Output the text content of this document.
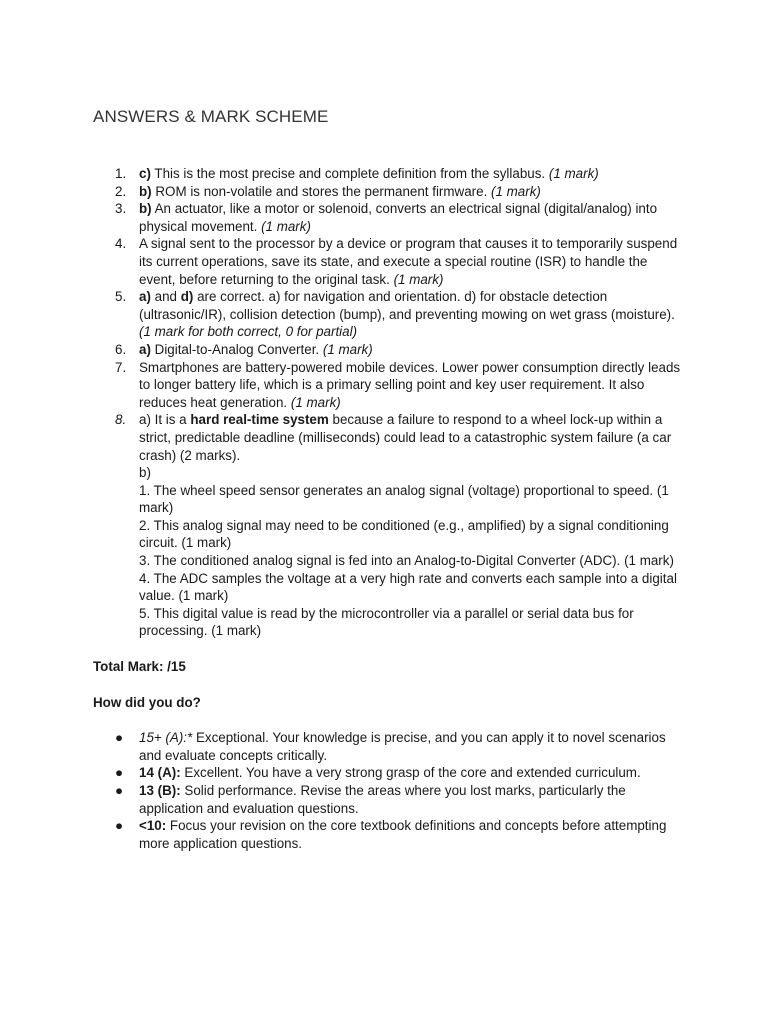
ANSWERS & MARK SCHEME
1. c) This is the most precise and complete definition from the syllabus. (1 mark)
2. b) ROM is non-volatile and stores the permanent firmware. (1 mark)
3. b) An actuator, like a motor or solenoid, converts an electrical signal (digital/analog) into physical movement. (1 mark)
4. A signal sent to the processor by a device or program that causes it to temporarily suspend its current operations, save its state, and execute a special routine (ISR) to handle the event, before returning to the original task. (1 mark)
5. a) and d) are correct. a) for navigation and orientation. d) for obstacle detection (ultrasonic/IR), collision detection (bump), and preventing mowing on wet grass (moisture). (1 mark for both correct, 0 for partial)
6. a) Digital-to-Analog Converter. (1 mark)
7. Smartphones are battery-powered mobile devices. Lower power consumption directly leads to longer battery life, which is a primary selling point and key user requirement. It also reduces heat generation. (1 mark)
8. a) It is a hard real-time system because a failure to respond to a wheel lock-up within a strict, predictable deadline (milliseconds) could lead to a catastrophic system failure (a car crash) (2 marks).
b)
1. The wheel speed sensor generates an analog signal (voltage) proportional to speed. (1 mark)
2. This analog signal may need to be conditioned (e.g., amplified) by a signal conditioning circuit. (1 mark)
3. The conditioned analog signal is fed into an Analog-to-Digital Converter (ADC). (1 mark)
4. The ADC samples the voltage at a very high rate and converts each sample into a digital value. (1 mark)
5. This digital value is read by the microcontroller via a parallel or serial data bus for processing. (1 mark)
Total Mark: /15
How did you do?
● 15+ (A):* Exceptional. Your knowledge is precise, and you can apply it to novel scenarios and evaluate concepts critically.
● 14 (A): Excellent. You have a very strong grasp of the core and extended curriculum.
● 13 (B): Solid performance. Revise the areas where you lost marks, particularly the application and evaluation questions.
● <10: Focus your revision on the core textbook definitions and concepts before attempting more application questions.
